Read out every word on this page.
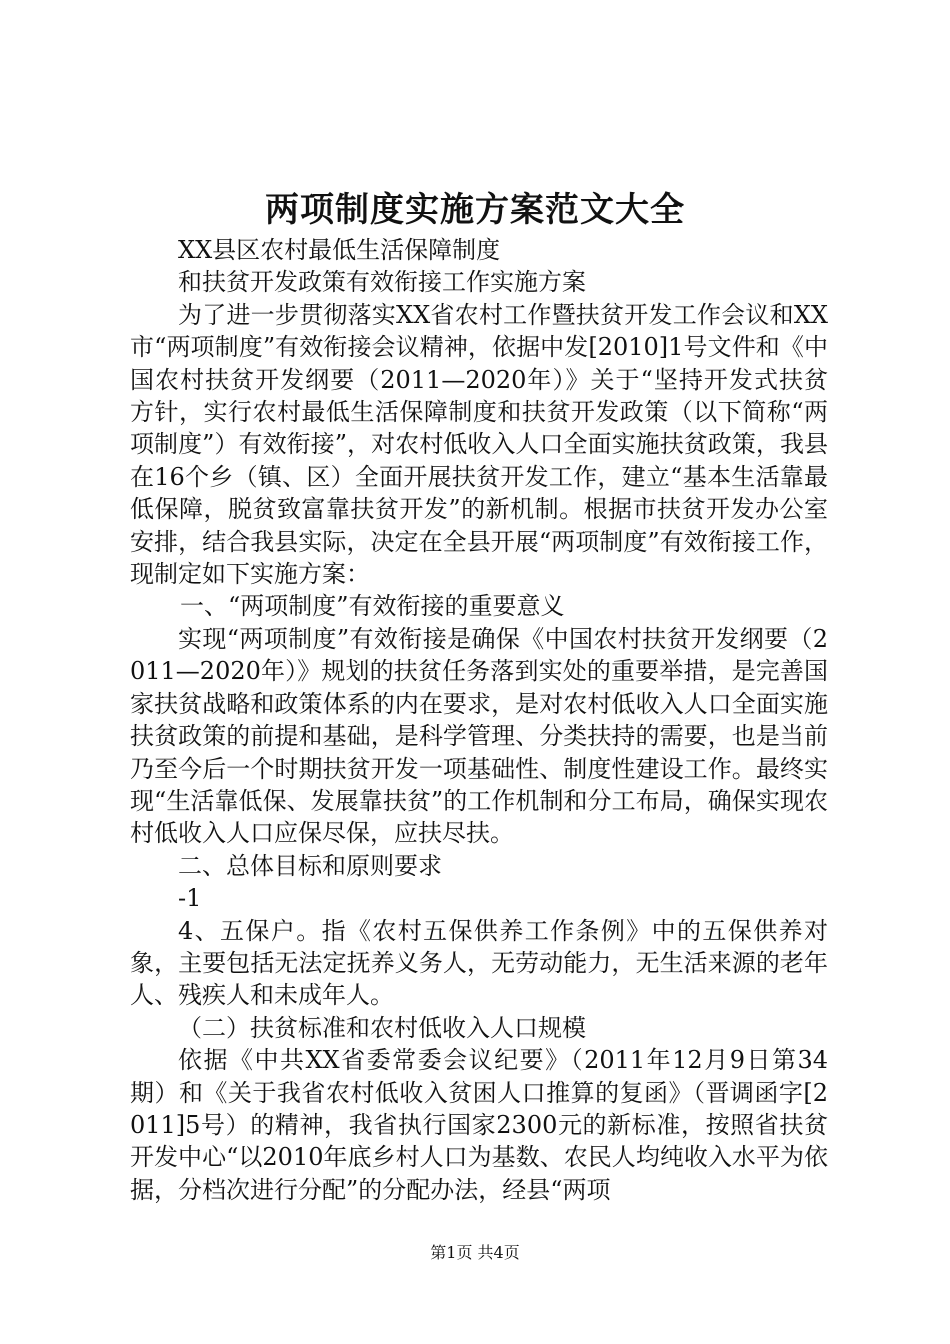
两项制度实施方案范文大全

XX县区农村最低生活保障制度

和扶贫开发政策有效衔接工作实施方案

为了进一步贯彻落实XX省农村工作暨扶贫开发工作会议和XX市“两项制度”有效衔接会议精神，依据中发[2010]1号文件和《中国农村扶贫开发纲要（2011—2020年）》关于“坚持开发式扶贫方针，实行农村最低生活保障制度和扶贫开发政策（以下简称“两项制度”）有效衔接”，对农村低收入人口全面实施扶贫政策，我县在16个乡（镇、区）全面开展扶贫开发工作，建立“基本生活靠最低保障，脱贫致富靠扶贫开发”的新机制。根据市扶贫开发办公室安排，结合我县实际，决定在全县开展“两项制度”有效衔接工作，现制定如下实施方案：

一、“两项制度”有效衔接的重要意义

实现“两项制度”有效衔接是确保《中国农村扶贫开发纲要（2011—2020年）》规划的扶贫任务落到实处的重要举措，是完善国家扶贫战略和政策体系的内在要求，是对农村低收入人口全面实施扶贫政策的前提和基础，是科学管理、分类扶持的需要，也是当前乃至今后一个时期扶贫开发一项基础性、制度性建设工作。最终实现“生活靠低保、发展靠扶贫”的工作机制和分工布局，确保实现农村低收入人口应保尽保，应扶尽扶。

二、总体目标和原则要求

-1

4、五保户。指《农村五保供养工作条例》中的五保供养对象，主要包括无法定抚养义务人，无劳动能力，无生活来源的老年人、残疾人和未成年人。

（二）扶贫标准和农村低收入人口规模

依据《中共XX省委常委会议纪要》（2011年12月9日第34期）和《关于我省农村低收入贫困人口推算的复函》（晋调函字[2011]5号）的精神，我省执行国家2300元的新标准，按照省扶贫开发中心“以2010年底乡村人口为基数、农民人均纯收入水平为依据，分档次进行分配”的分配办法，经县“两项

第1页 共4页
